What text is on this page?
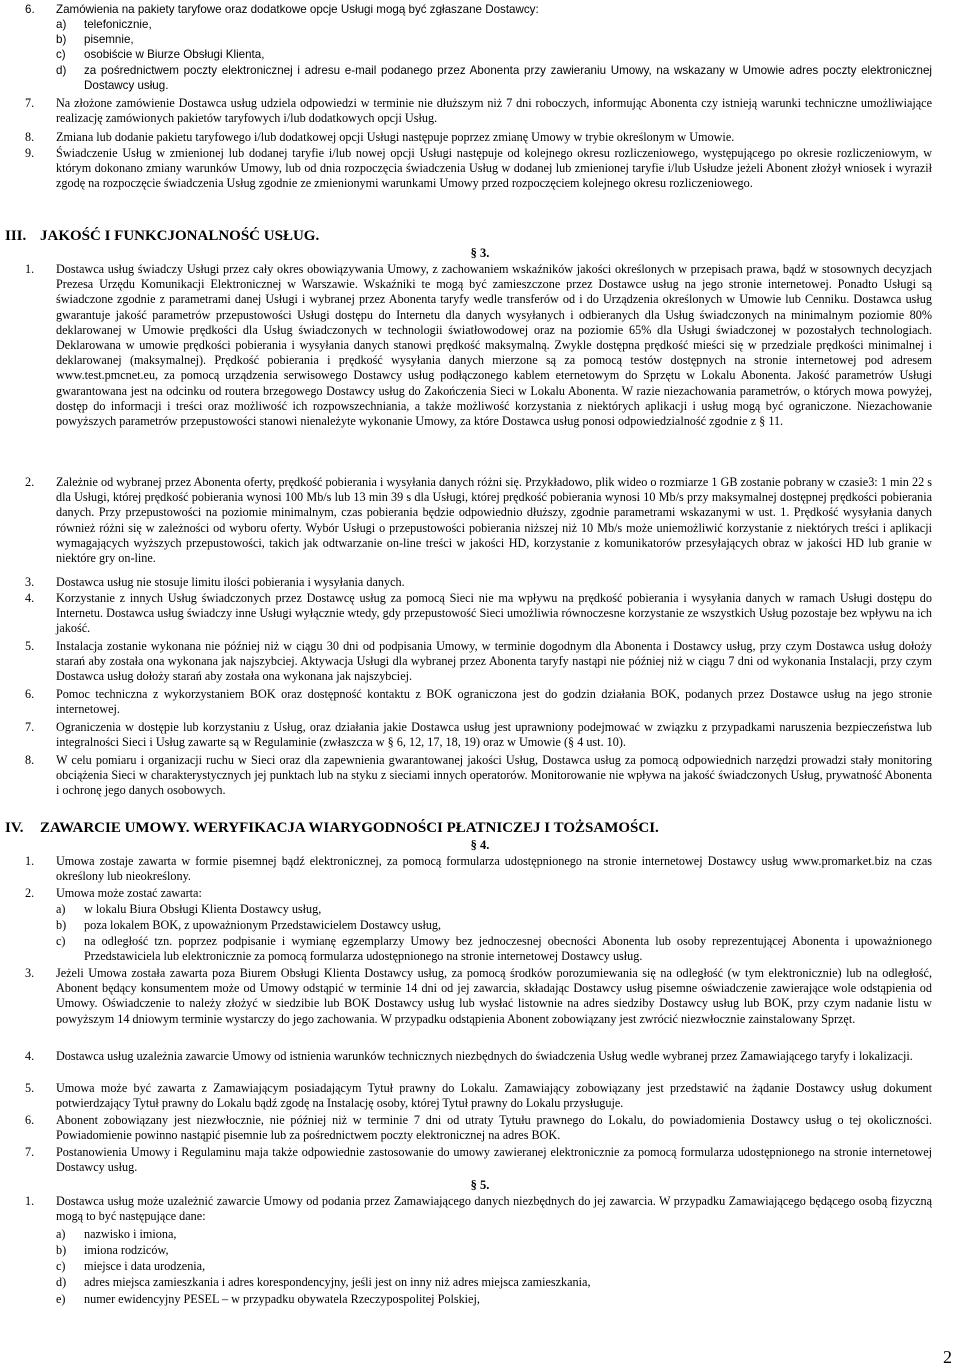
6. Zamówienia na pakiety taryfowe oraz dodatkowe opcje Usługi mogą być zgłaszane Dostawcy:
a) telefonicznie,
b) pisemnie,
c) osobiście w Biurze Obsługi Klienta,
d) za pośrednictwem poczty elektronicznej i adresu e-mail podanego przez Abonenta przy zawieraniu Umowy, na wskazany w Umowie adres poczty elektronicznej Dostawcy usług.
7. Na złożone zamówienie Dostawca usług udziela odpowiedzi w terminie nie dłuższym niż 7 dni roboczych, informując Abonenta czy istnieją warunki techniczne umożliwiające realizację zamówionych pakietów taryfowych i/lub dodatkowych opcji Usług.
8. Zmiana lub dodanie pakietu taryfowego i/lub dodatkowej opcji Usługi następuje poprzez zmianę Umowy w trybie określonym w Umowie.
9. Świadczenie Usług w zmienionej lub dodanej taryfie i/lub nowej opcji Usługi następuje od kolejnego okresu rozliczeniowego, występującego po okresie rozliczeniowym, w którym dokonano zmiany warunków Umowy, lub od dnia rozpoczęcia świadczenia Usług w dodanej lub zmienionej taryfie i/lub Usłudze jeżeli Abonent złożył wniosek i wyraził zgodę na rozpoczęcie świadczenia Usług zgodnie ze zmienionymi warunkami Umowy przed rozpoczęciem kolejnego okresu rozliczeniowego.
III. JAKOŚĆ I FUNKCJONALNOŚĆ USŁUG.
§ 3.
1. Dostawca usług świadczy Usługi przez cały okres obowiązywania Umowy, z zachowaniem wskaźników jakości określonych w przepisach prawa, bądź w stosownych decyzjach Prezesa Urzędu Komunikacji Elektronicznej w Warszawie. Wskaźniki te mogą być zamieszczone przez Dostawce usług na jego stronie internetowej. Ponadto Usługi są świadczone zgodnie z parametrami danej Usługi i wybranej przez Abonenta taryfy wedle transferów od i do Urządzenia określonych w Umowie lub Cenniku. Dostawca usług gwarantuje jakość parametrów przepustowości Usługi dostępu do Internetu dla danych wysyłanych i odbieranych dla Usług świadczonych na minimalnym poziomie 80% deklarowanej w Umowie prędkości dla Usług świadczonych w technologii światłowodowej oraz na poziomie 65% dla Usługi świadczonej w pozostałych technologiach. Deklarowana w umowie prędkości pobierania i wysyłania danych stanowi prędkość maksymalną. Zwykle dostępna prędkość mieści się w przedziale prędkości minimalnej i deklarowanej (maksymalnej). Prędkość pobierania i prędkość wysyłania danych mierzone są za pomocą testów dostępnych na stronie internetowej pod adresem www.test.pmcnet.eu, za pomocą urządzenia serwisowego Dostawcy usług podłączonego kablem eternetowym do Sprzętu w Lokalu Abonenta. Jakość parametrów Usługi gwarantowana jest na odcinku od routera brzegowego Dostawcy usług do Zakończenia Sieci w Lokalu Abonenta. W razie niezachowania parametrów, o których mowa powyżej, dostęp do informacji i treści oraz możliwość ich rozpowszechniania, a także możliwość korzystania z niektórych aplikacji i usług mogą być ograniczone. Niezachowanie powyższych parametrów przepustowości stanowi nienależyte wykonanie Umowy, za które Dostawca usług ponosi odpowiedzialność zgodnie z § 11.
2. Zależnie od wybranej przez Abonenta oferty, prędkość pobierania i wysyłania danych różni się. Przykładowo, plik wideo o rozmiarze 1 GB zostanie pobrany w czasie3: 1 min 22 s dla Usługi, której prędkość pobierania wynosi 100 Mb/s lub 13 min 39 s dla Usługi, której prędkość pobierania wynosi 10 Mb/s przy maksymalnej dostępnej prędkości pobierania danych. Przy przepustowości na poziomie minimalnym, czas pobierania będzie odpowiednio dłuższy, zgodnie parametrami wskazanymi w ust. 1. Prędkość wysyłania danych również różni się w zależności od wyboru oferty. Wybór Usługi o przepustowości pobierania niższej niż 10 Mb/s może uniemożliwić korzystanie z niektórych treści i aplikacji wymagających wyższych przepustowości, takich jak odtwarzanie on-line treści w jakości HD, korzystanie z komunikatorów przesyłających obraz w jakości HD lub granie w niektóre gry on-line.
3. Dostawca usług nie stosuje limitu ilości pobierania i wysyłania danych.
4. Korzystanie z innych Usług świadczonych przez Dostawcę usług za pomocą Sieci nie ma wpływu na prędkość pobierania i wysyłania danych w ramach Usługi dostępu do Internetu. Dostawca usług świadczy inne Usługi wyłącznie wtedy, gdy przepustowość Sieci umożliwia równoczesne korzystanie ze wszystkich Usług pozostaje bez wpływu na ich jakość.
5. Instalacja zostanie wykonana nie później niż w ciągu 30 dni od podpisania Umowy, w terminie dogodnym dla Abonenta i Dostawcy usług, przy czym Dostawca usług dołoży starań aby została ona wykonana jak najszybciej. Aktywacja Usługi dla wybranej przez Abonenta taryfy nastąpi nie później niż w ciągu 7 dni od wykonania Instalacji, przy czym Dostawca usług dołoży starań aby została ona wykonana jak najszybciej.
6. Pomoc techniczna z wykorzystaniem BOK oraz dostępność kontaktu z BOK ograniczona jest do godzin działania BOK, podanych przez Dostawce usług na jego stronie internetowej.
7. Ograniczenia w dostępie lub korzystaniu z Usług, oraz działania jakie Dostawca usług jest uprawniony podejmować w związku z przypadkami naruszenia bezpieczeństwa lub integralności Sieci i Usług zawarte są w Regulaminie (zwłaszcza w § 6, 12, 17, 18, 19) oraz w Umowie (§ 4 ust. 10).
8. W celu pomiaru i organizacji ruchu w Sieci oraz dla zapewnienia gwarantowanej jakości Usług, Dostawca usług za pomocą odpowiednich narzędzi prowadzi stały monitoring obciążenia Sieci w charakterystycznych jej punktach lub na styku z sieciami innych operatorów. Monitorowanie nie wpływa na jakość świadczonych Usług, prywatność Abonenta i ochronę jego danych osobowych.
IV. ZAWARCIE UMOWY. WERYFIKACJA WIARYGODNOŚCI PŁATNICZEJ I TOŻSAMOŚCI.
§ 4.
1. Umowa zostaje zawarta w formie pisemnej bądź elektronicznej, za pomocą formularza udostępnionego na stronie internetowej Dostawcy usług www.promarket.biz na czas określony lub nieokreślony.
2. Umowa może zostać zawarta:
a) w lokalu Biura Obsługi Klienta Dostawcy usług,
b) poza lokalem BOK, z upoważnionym Przedstawicielem Dostawcy usług,
c) na odległość tzn. poprzez podpisanie i wymianę egzemplarzy Umowy bez jednoczesnej obecności Abonenta lub osoby reprezentującej Abonenta i upoważnionego Przedstawiciela lub elektronicznie za pomocą formularza udostępnionego na stronie internetowej Dostawcy usług.
3. Jeżeli Umowa została zawarta poza Biurem Obsługi Klienta Dostawcy usług, za pomocą środków porozumiewania się na odległość (w tym elektronicznie) lub na odległość, Abonent będący konsumentem może od Umowy odstąpić w terminie 14 dni od jej zawarcia, składając Dostawcy usług pisemne oświadczenie zawierające wole odstąpienia od Umowy. Oświadczenie to należy złożyć w siedzibie lub BOK Dostawcy usług lub wysłać listownie na adres siedziby Dostawcy usług lub BOK, przy czym nadanie listu w powyższym 14 dniowym terminie wystarczy do jego zachowania. W przypadku odstąpienia Abonent zobowiązany jest zwrócić niezwłocznie zainstalowany Sprzęt.
4. Dostawca usług uzależnia zawarcie Umowy od istnienia warunków technicznych niezbędnych do świadczenia Usług wedle wybranej przez Zamawiającego taryfy i lokalizacji.
5. Umowa może być zawarta z Zamawiającym posiadającym Tytuł prawny do Lokalu. Zamawiający zobowiązany jest przedstawić na żądanie Dostawcy usług dokument potwierdzający Tytuł prawny do Lokalu bądź zgodę na Instalację osoby, której Tytuł prawny do Lokalu przysługuje.
6. Abonent zobowiązany jest niezwłocznie, nie później niż w terminie 7 dni od utraty Tytułu prawnego do Lokalu, do powiadomienia Dostawcy usług o tej okoliczności. Powiadomienie powinno nastąpić pisemnie lub za pośrednictwem poczty elektronicznej na adres BOK.
7. Postanowienia Umowy i Regulaminu maja także odpowiednie zastosowanie do umowy zawieranej elektronicznie za pomocą formularza udostępnionego na stronie internetowej Dostawcy usług.
§ 5.
1. Dostawca usług może uzależnić zawarcie Umowy od podania przez Zamawiającego danych niezbędnych do jej zawarcia. W przypadku Zamawiającego będącego osobą fizyczną mogą to być następujące dane:
a) nazwisko i imiona,
b) imiona rodziców,
c) miejsce i data urodzenia,
d) adres miejsca zamieszkania i adres korespondencyjny, jeśli jest on inny niż adres miejsca zamieszkania,
e) numer ewidencyjny PESEL – w przypadku obywatela Rzeczypospolitej Polskiej,
2
